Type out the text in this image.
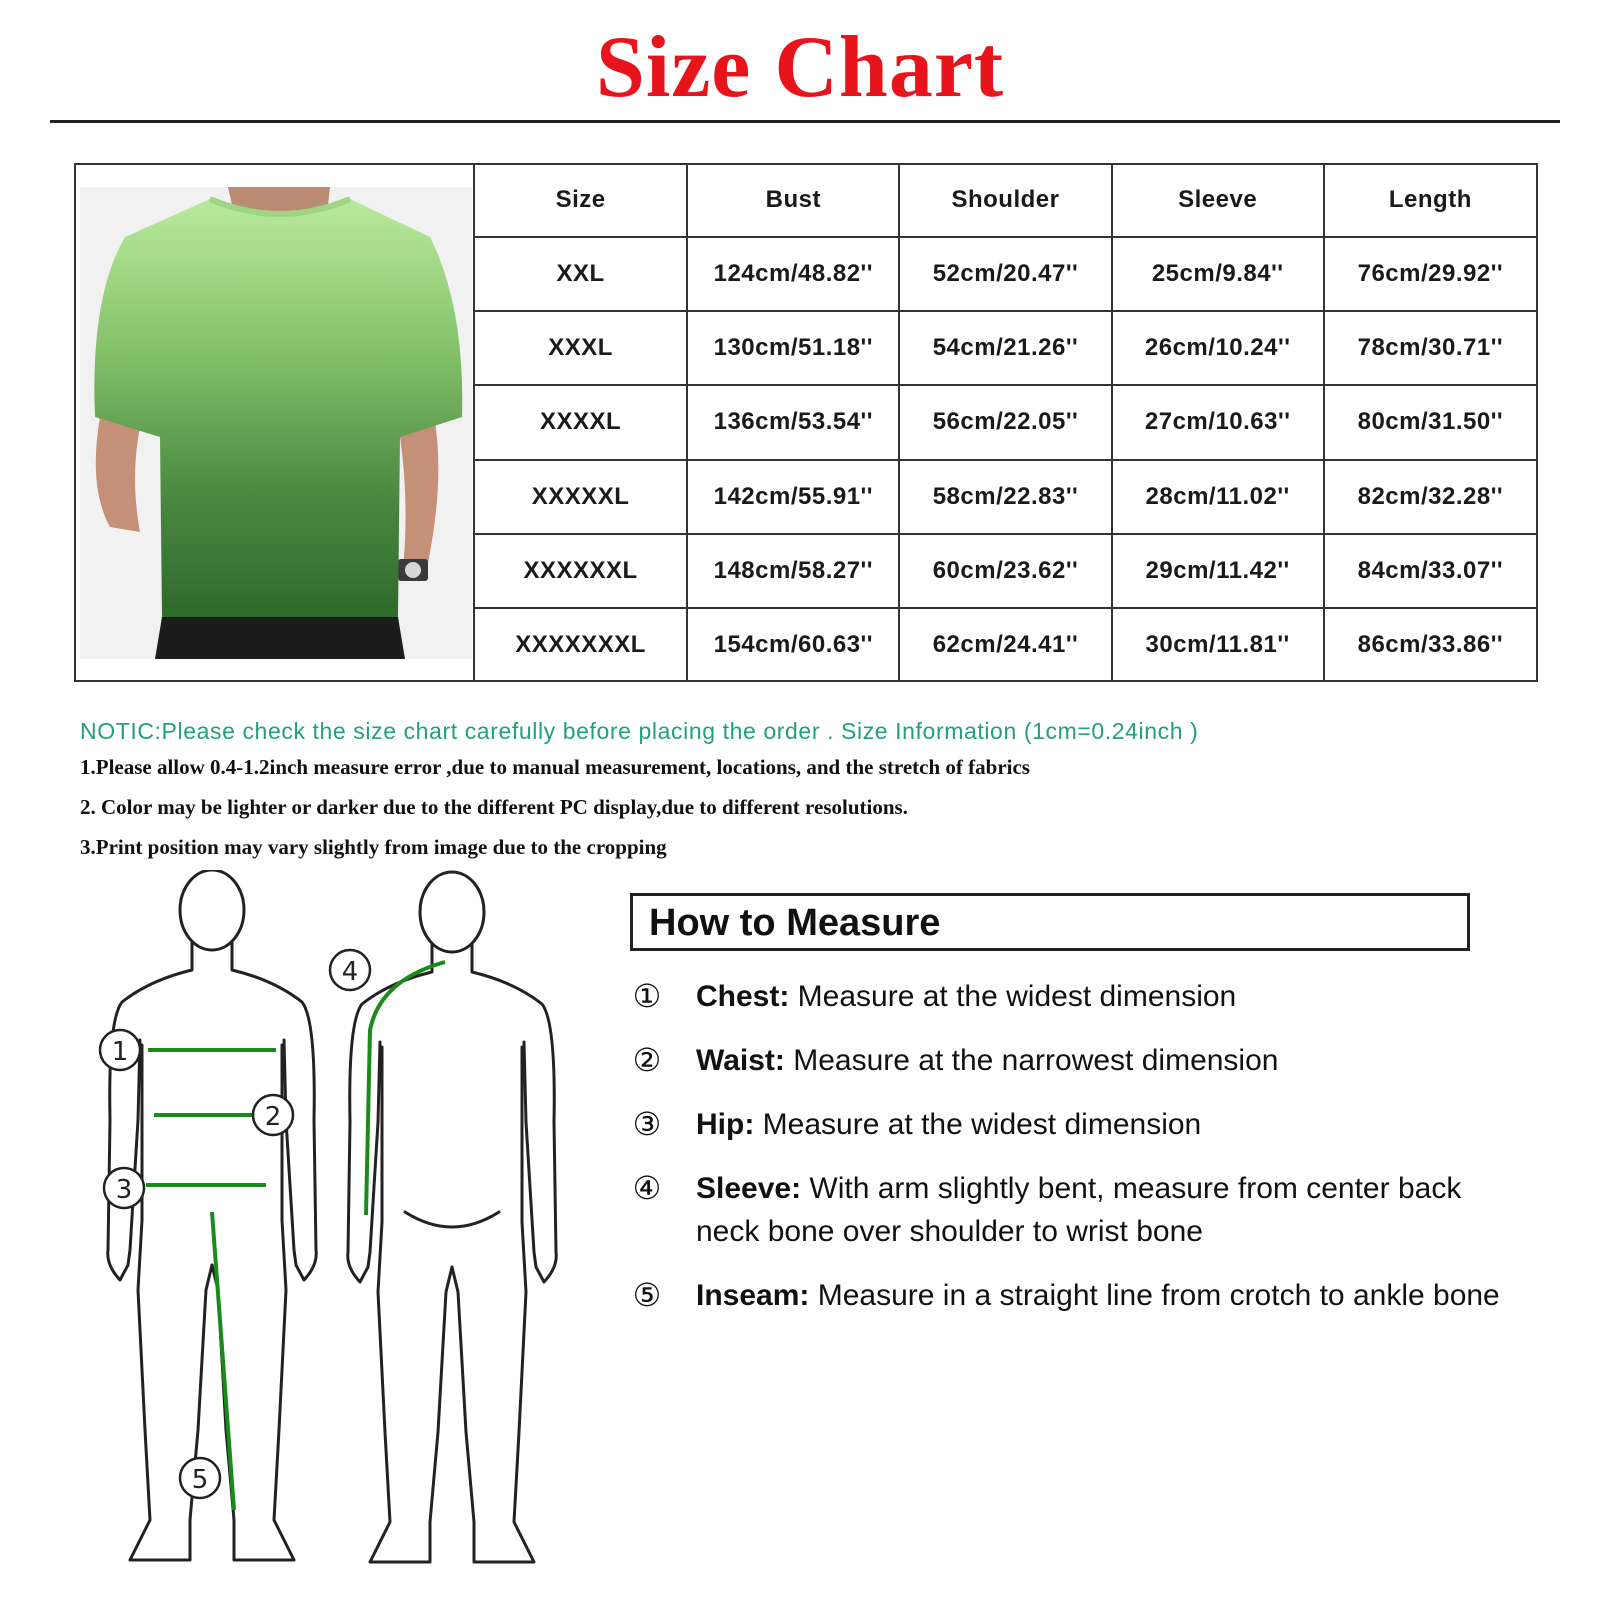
Size Chart
Size	Bust	Shoulder	Sleeve	Length
XXL	124cm/48.82''	52cm/20.47''	25cm/9.84''	76cm/29.92''
XXXL	130cm/51.18''	54cm/21.26''	26cm/10.24''	78cm/30.71''
XXXXL	136cm/53.54''	56cm/22.05''	27cm/10.63''	80cm/31.50''
XXXXXL	142cm/55.91''	58cm/22.83''	28cm/11.02''	82cm/32.28''
XXXXXXL	148cm/58.27''	60cm/23.62''	29cm/11.42''	84cm/33.07''
XXXXXXXL	154cm/60.63''	62cm/24.41''	30cm/11.81''	86cm/33.86''
NOTIC:Please check the size chart carefully before placing the order . Size Information (1cm=0.24inch )
1.Please allow 0.4-1.2inch measure error ,due to manual measurement, locations, and the stretch of fabrics
2. Color may be lighter or darker due to the different PC display,due to different resolutions.
3.Print position may vary slightly from image due to the cropping
1
2
3
4
5
How to Measure
① Chest: Measure at the widest dimension
② Waist: Measure at the narrowest dimension
③ Hip: Measure at the widest dimension
④ Sleeve: With arm slightly bent, measure from center back neck bone over shoulder to wrist bone
⑤ Inseam: Measure in a straight line from crotch to ankle bone
